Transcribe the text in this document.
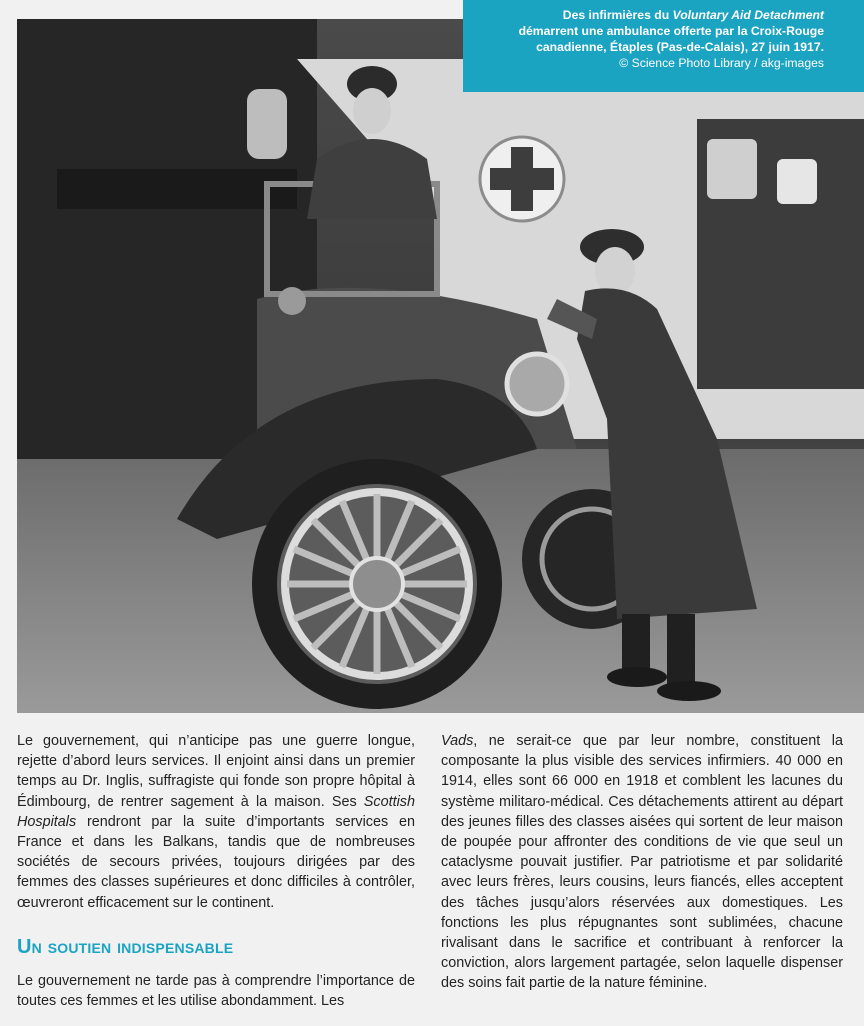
Des infirmières du Voluntary Aid Detachment
démarrent une ambulance offerte par la Croix-Rouge
canadienne, Étaples (Pas-de-Calais), 27 juin 1917.
© Science Photo Library / akg-images

Le gouvernement, qui n’anticipe pas une guerre longue, rejette d’abord leurs services. Il enjoint ainsi dans un premier temps au Dr. Inglis, suffragiste qui fonde son propre hôpital à Édimbourg, de rentrer sagement à la maison. Ses Scottish Hospitals rendront par la suite d’importants services en France et dans les Balkans, tandis que de nombreuses sociétés de secours privées, toujours dirigées par des femmes des classes supérieures et donc difficiles à contrôler, œuvreront efficacement sur le continent.

Un soutien indispensable

Le gouvernement ne tarde pas à comprendre l’importance de toutes ces femmes et les utilise abondamment. Les

Vads, ne serait-ce que par leur nombre, constituent la composante la plus visible des services infirmiers. 40 000 en 1914, elles sont 66 000 en 1918 et comblent les lacunes du système militaro-médical. Ces détachements attirent au départ des jeunes filles des classes aisées qui sortent de leur maison de poupée pour affronter des conditions de vie que seul un cataclysme pouvait justifier. Par patriotisme et par solidarité avec leurs frères, leurs cousins, leurs fiancés, elles acceptent des tâches jusqu’alors réservées aux domestiques. Les fonctions les plus répugnantes sont sublimées, chacune rivalisant dans le sacrifice et contribuant à renforcer la conviction, alors largement partagée, selon laquelle dispenser des soins fait partie de la nature féminine.
